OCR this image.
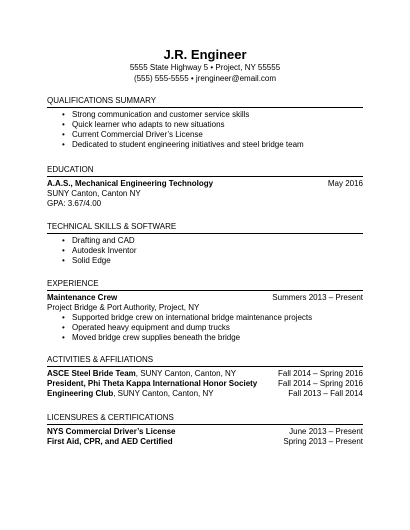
J.R. Engineer
5555 State Highway 5 • Project, NY 55555
(555) 555-5555 • jrengineer@email.com
QUALIFICATIONS SUMMARY
• Strong communication and customer service skills
• Quick learner who adapts to new situations
• Current Commercial Driver’s License
• Dedicated to student engineering initiatives and steel bridge team
EDUCATION
A.A.S., Mechanical Engineering Technology	May 2016
SUNY Canton, Canton NY
GPA: 3.67/4.00
TECHNICAL SKILLS & SOFTWARE
• Drafting and CAD
• Autodesk Inventor
• Solid Edge
EXPERIENCE
Maintenance Crew	Summers 2013 – Present
Project Bridge & Port Authority, Project, NY
• Supported bridge crew on international bridge maintenance projects
• Operated heavy equipment and dump trucks
• Moved bridge crew supplies beneath the bridge
ACTIVITIES & AFFILIATIONS
ASCE Steel Bride Team, SUNY Canton, Canton, NY	Fall 2014 – Spring 2016
President, Phi Theta Kappa International Honor Society	Fall 2014 – Spring 2016
Engineering Club, SUNY Canton, Canton, NY	Fall 2013 – Fall 2014
LICENSURES & CERTIFICATIONS
NYS Commercial Driver’s License	June 2013 – Present
First Aid, CPR, and AED Certified	Spring 2013 – Present
